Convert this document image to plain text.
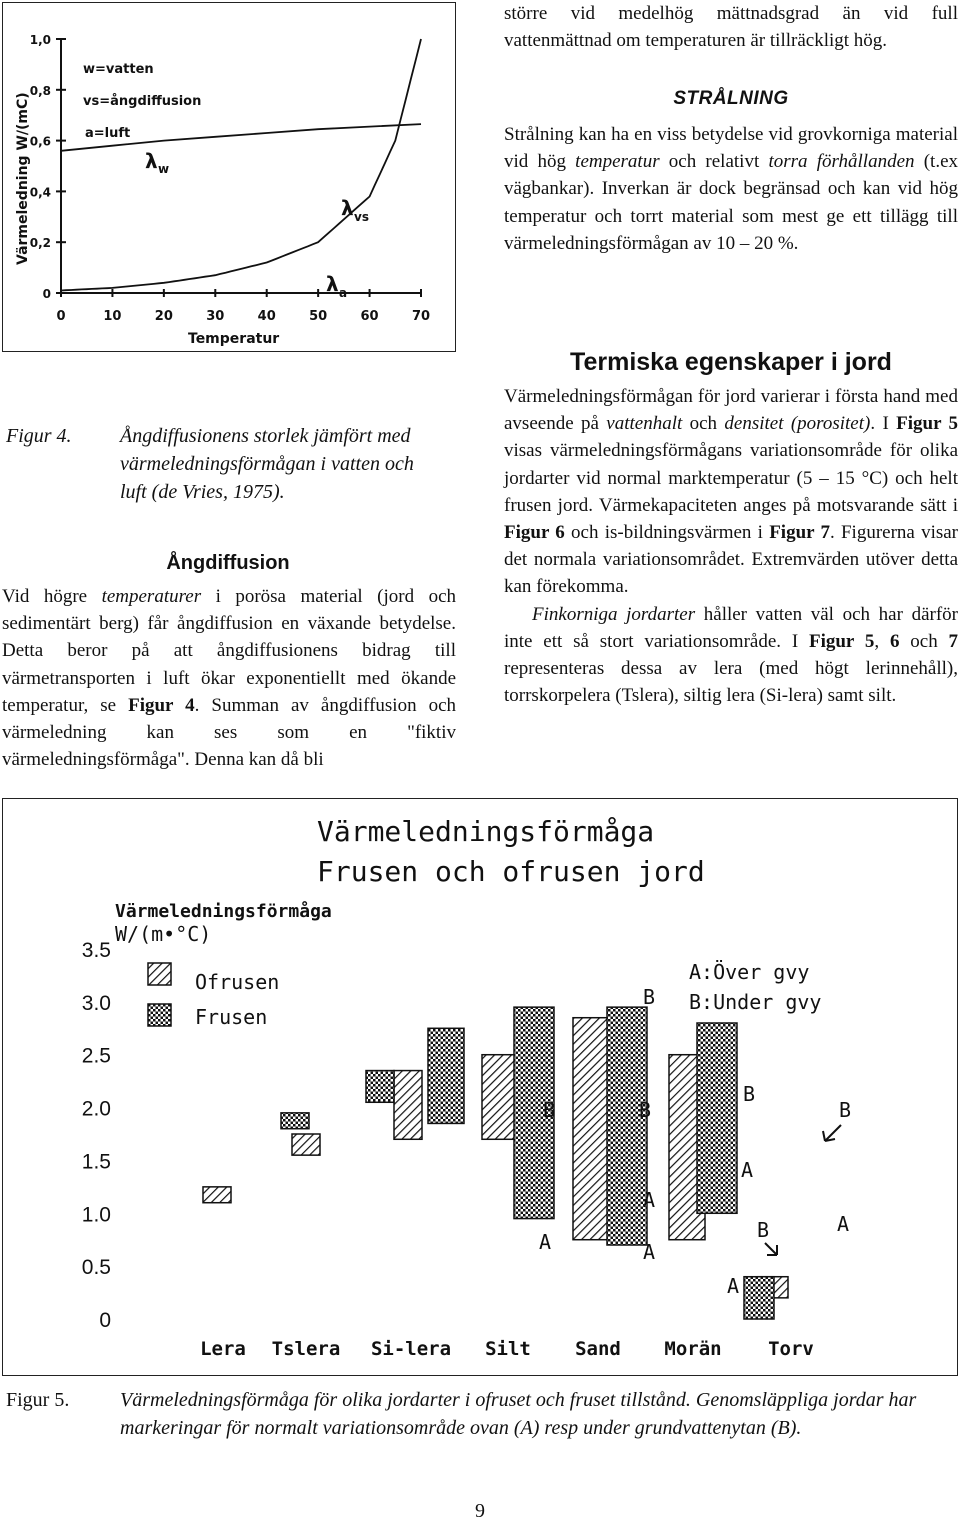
Värmeledning W/(mC)
Temperatur
w=vatten
vs=ångdiffusion
a=luft
λ w
λ vs
λ a
1,0
0,8
0,6
0,4
0,2
0
0	10	20	30	40	50	60	70
Figur 4.	Ångdiffusionens storlek jämfört med värmeledningsförmågan i vatten och luft (de Vries, 1975).
Ångdiffusion

Vid högre temperaturer i porösa material (jord och sedimentärt berg) får ångdiffusion en växande betydelse. Detta beror på att ångdiffusionens bidrag till värmetransporten i luft ökar exponentiellt med ökande temperatur, se Figur 4. Summan av ångdiffusion och värmeledning kan ses som en "fiktiv värmeledningsförmåga". Denna kan då bli

större vid medelhög mättnadsgrad än vid full vattenmättnad om temperaturen är tillräckligt hög.
STRÅLNING

Strålning kan ha en viss betydelse vid grovkorniga material vid hög temperatur och relativt torra förhållanden (t.ex vägbankar). Inverkan är dock begränsad och kan vid hög temperatur och torrt material som mest ge ett tillägg till värmeledningsförmågan av 10 – 20 %.

Termiska egenskaper i jord

Värmeledningsförmågan för jord varierar i första hand med avseende på vattenhalt och densitet (porositet). I Figur 5 visas värmeledningsförmågans variationsområde för olika jordarter vid normal marktemperatur (5 – 15 °C) och helt frusen jord. Värmekapaciteten anges på motsvarande sätt i Figur 6 och is-bildningsvärmen i Figur 7. Figurerna visar det normala variationsområdet. Extremvärden utöver detta kan förekomma.

Finkorniga jordarter håller vatten väl och har därför inte ett så stort variationsområde. I Figur 5, 6 och 7 representeras dessa av lera (med högt lerinnehåll), torrskorpelera (Tslera), siltig lera (Si-lera) samt silt.

Värmeledningsförmåga
Frusen och ofrusen jord
Värmeledningsförmåga
W/(m•°C)
Ofrusen
Frusen
A:Över gvy
B:Under gvy
3.5
3.0
2.5
2.0
1.5
1.0
0.5
0
B
B	B
B
B
A
A
A	A
B	A
A
Lera Tslera Si-lera Silt Sand Morän Torv
Figur 5.	Värmeledningsförmåga för olika jordarter i ofruset och fruset tillstånd. Genomsläppliga jordar har markeringar för normalt variationsområde ovan (A) resp under grundvattenytan (B).
9
